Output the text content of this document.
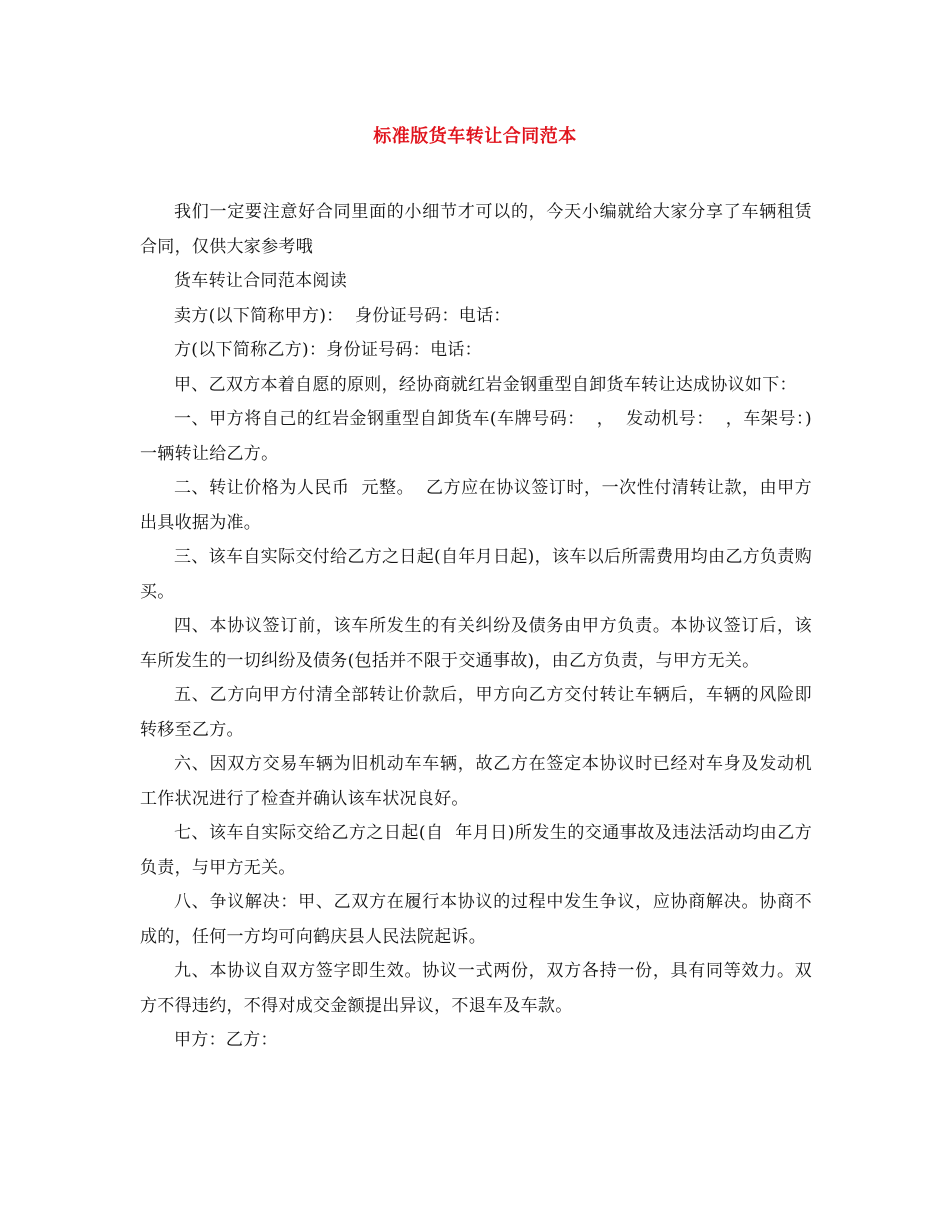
标准版货车转让合同范本

我们一定要注意好合同里面的小细节才可以的，今天小编就给大家分享了车辆租赁合同，仅供大家参考哦

货车转让合同范本阅读

卖方(以下简称甲方)：  身份证号码：电话：

方(以下简称乙方)：身份证号码：电话：

甲、乙双方本着自愿的原则，经协商就红岩金钢重型自卸货车转让达成协议如下：

一、甲方将自己的红岩金钢重型自卸货车(车牌号码：  ，  发动机号：  ，车架号：)一辆转让给乙方。

二、转让价格为人民币  元整。  乙方应在协议签订时，一次性付清转让款，由甲方出具收据为准。

三、该车自实际交付给乙方之日起(自年月日起)，该车以后所需费用均由乙方负责购买。

四、本协议签订前，该车所发生的有关纠纷及债务由甲方负责。本协议签订后，该车所发生的一切纠纷及债务(包括并不限于交通事故)，由乙方负责，与甲方无关。

五、乙方向甲方付清全部转让价款后，甲方向乙方交付转让车辆后，车辆的风险即转移至乙方。

六、因双方交易车辆为旧机动车车辆，故乙方在签定本协议时已经对车身及发动机工作状况进行了检查并确认该车状况良好。

七、该车自实际交给乙方之日起(自  年月日)所发生的交通事故及违法活动均由乙方负责，与甲方无关。

八、争议解决：甲、乙双方在履行本协议的过程中发生争议，应协商解决。协商不成的，任何一方均可向鹤庆县人民法院起诉。

九、本协议自双方签字即生效。协议一式两份，双方各持一份，具有同等效力。双方不得违约，不得对成交金额提出异议，不退车及车款。

甲方：乙方：
